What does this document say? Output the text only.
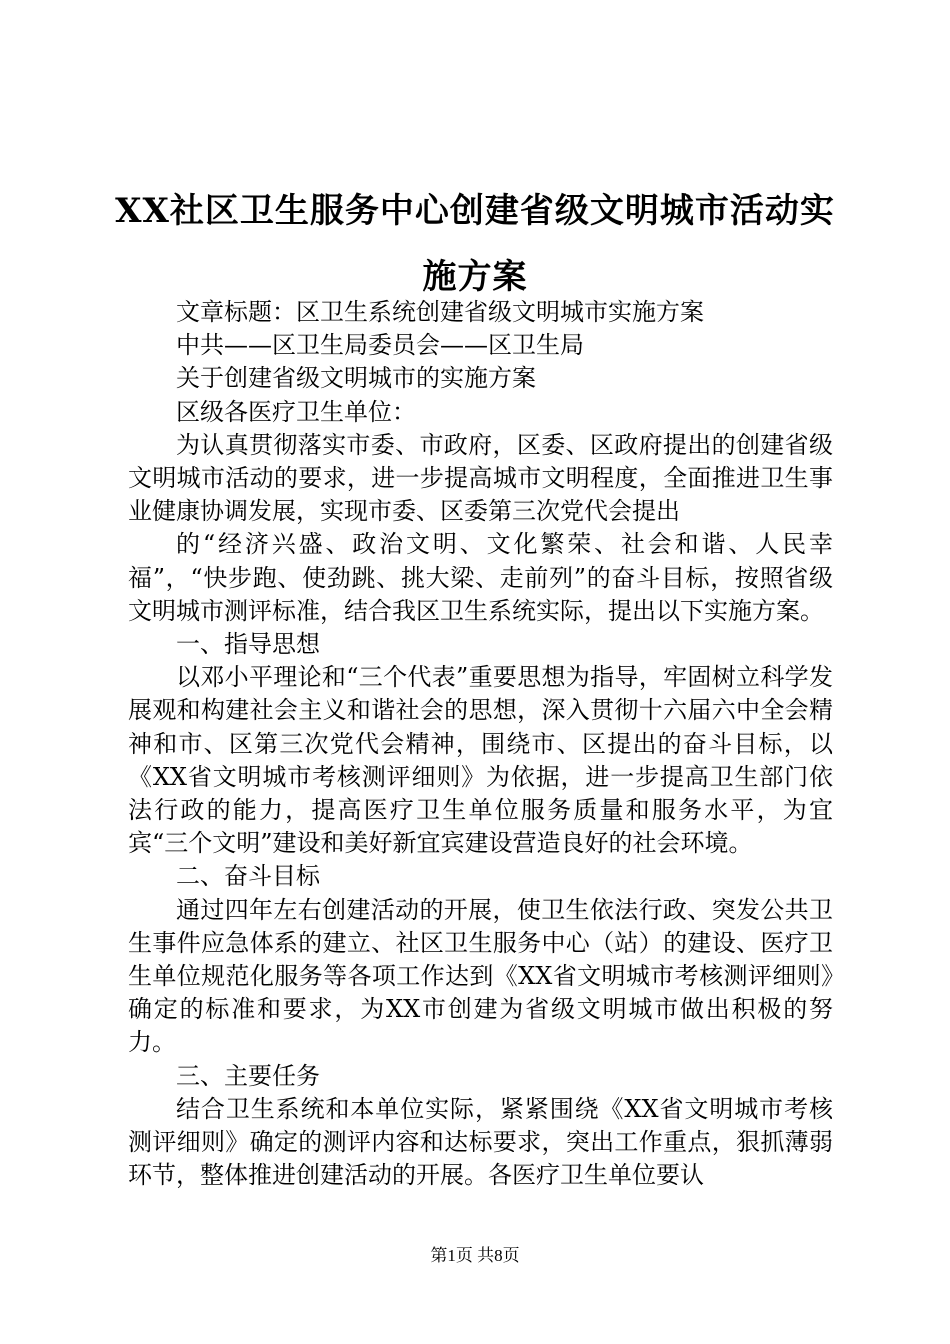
XX社区卫生服务中心创建省级文明城市活动实施方案

文章标题：区卫生系统创建省级文明城市实施方案

中共——区卫生局委员会——区卫生局

关于创建省级文明城市的实施方案

区级各医疗卫生单位：

为认真贯彻落实市委、市政府，区委、区政府提出的创建省级文明城市活动的要求，进一步提高城市文明程度，全面推进卫生事业健康协调发展，实现市委、区委第三次党代会提出

的“经济兴盛、政治文明、文化繁荣、社会和谐、人民幸福”，“快步跑、使劲跳、挑大梁、走前列”的奋斗目标，按照省级文明城市测评标准，结合我区卫生系统实际，提出以下实施方案。

一、指导思想

以邓小平理论和“三个代表”重要思想为指导，牢固树立科学发展观和构建社会主义和谐社会的思想，深入贯彻十六届六中全会精神和市、区第三次党代会精神，围绕市、区提出的奋斗目标，以《XX省文明城市考核测评细则》为依据，进一步提高卫生部门依法行政的能力，提高医疗卫生单位服务质量和服务水平，为宜宾“三个文明”建设和美好新宜宾建设营造良好的社会环境。

二、奋斗目标

通过四年左右创建活动的开展，使卫生依法行政、突发公共卫生事件应急体系的建立、社区卫生服务中心（站）的建设、医疗卫生单位规范化服务等各项工作达到《XX省文明城市考核测评细则》确定的标准和要求，为XX市创建为省级文明城市做出积极的努力。

三、主要任务

结合卫生系统和本单位实际，紧紧围绕《XX省文明城市考核测评细则》确定的测评内容和达标要求，突出工作重点，狠抓薄弱环节，整体推进创建活动的开展。各医疗卫生单位要认

第1页 共8页
